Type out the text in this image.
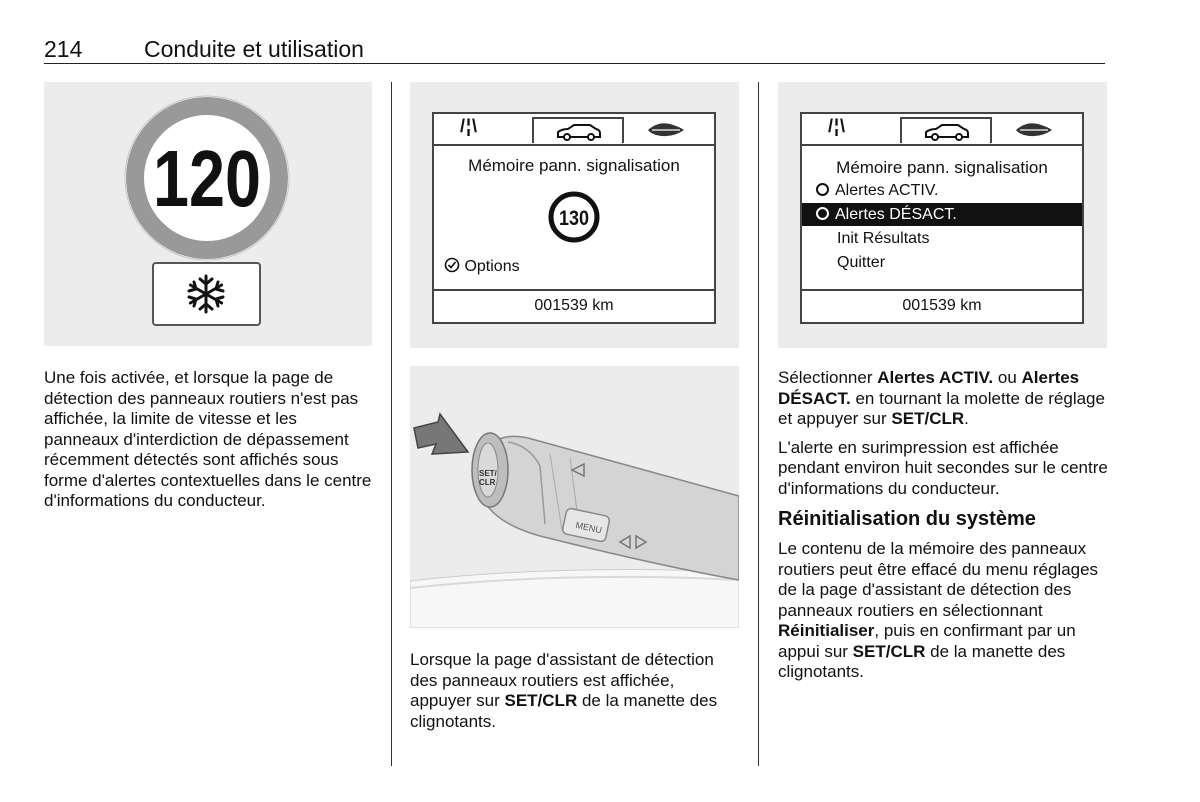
214	Conduite et utilisation
120

Une fois activée, et lorsque la page de détection des panneaux routiers n'est pas affichée, la limite de vitesse et les panneaux d'interdiction de dépassement récemment détectés sont affichés sous forme d'alertes contextuelles dans le centre d'informations du conducteur.

/¦\
Mémoire pann. signalisation
130
Options
001539 km
MENU
SET/
CLR

Lorsque la page d'assistant de détection des panneaux routiers est affichée, appuyer sur SET/CLR de la manette des clignotants.

/¦\
Mémoire pann. signalisation
Alertes ACTIV.
Alertes DÉSACT.
Init Résultats
Quitter
001539 km

Sélectionner Alertes ACTIV. ou Alertes DÉSACT. en tournant la molette de réglage et appuyer sur SET/CLR.

L'alerte en surimpression est affichée pendant environ huit secondes sur le centre d'informations du conducteur.

Réinitialisation du système

Le contenu de la mémoire des panneaux routiers peut être effacé du menu réglages de la page d'assistant de détection des panneaux routiers en sélectionnant Réinitialiser, puis en confirmant par un appui sur SET/CLR de la manette des clignotants.
